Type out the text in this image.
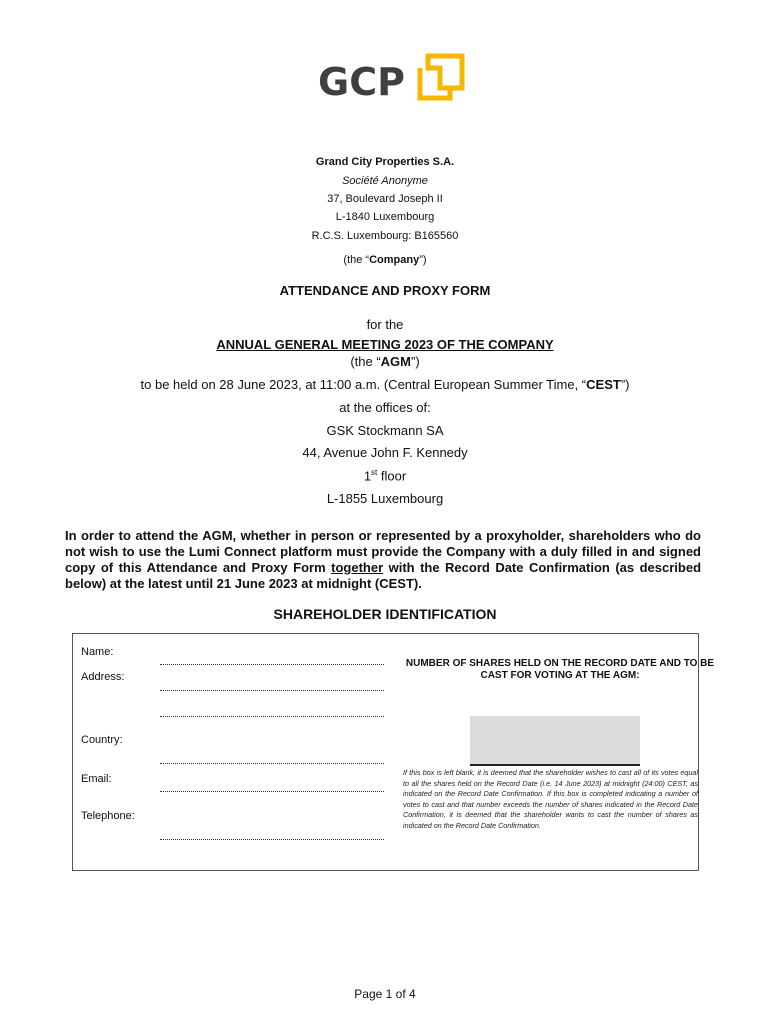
GCP
Grand City Properties S.A.
Société Anonyme
37, Boulevard Joseph II
L-1840 Luxembourg
R.C.S. Luxembourg: B165560
(the “Company”)
ATTENDANCE AND PROXY FORM
for the
ANNUAL GENERAL MEETING 2023 OF THE COMPANY
(the “AGM”)
to be held on 28 June 2023, at 11:00 a.m. (Central European Summer Time, “CEST”)
at the offices of:
GSK Stockmann SA
44, Avenue John F. Kennedy
1st floor
L-1855 Luxembourg
In order to attend the AGM, whether in person or represented by a proxyholder, shareholders who do not wish to use the Lumi Connect platform must provide the Company with a duly filled in and signed copy of this Attendance and Proxy Form together with the Record Date Confirmation (as described below) at the latest until 21 June 2023 at midnight (CEST).
SHAREHOLDER IDENTIFICATION
Name:
Address:
Country:
Email:
Telephone:
NUMBER OF SHARES HELD ON THE RECORD DATE AND TO BE CAST FOR VOTING AT THE AGM:
If this box is left blank, it is deemed that the shareholder wishes to cast all of its votes equal to all the shares held on the Record Date (i.e. 14 June 2023) at midnight (24:00) CEST, as indicated on the Record Date Confirmation. If this box is completed indicating a number of votes to cast and that number exceeds the number of shares indicated in the Record Date Confirmation, it is deemed that the shareholder wants to cast the number of shares as indicated on the Record Date Confirmation.
Page 1 of 4
